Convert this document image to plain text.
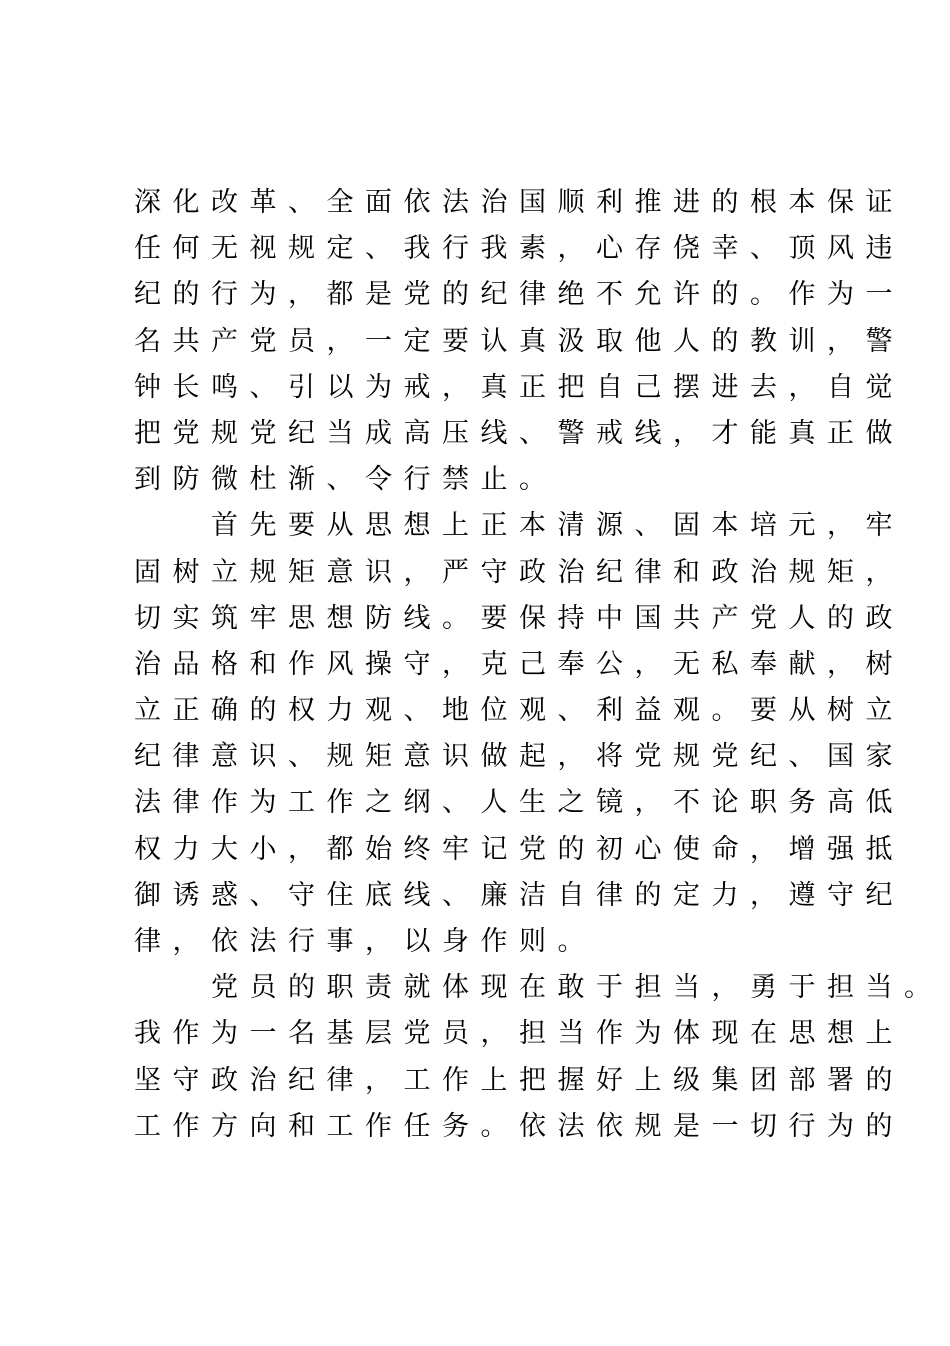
深化改革、全面依法治国顺利推进的根本保证
任何无视规定、我行我素，心存侥幸、顶风违
纪的行为，都是党的纪律绝不允许的。作为一
名共产党员，一定要认真汲取他人的教训，警
钟长鸣、引以为戒，真正把自己摆进去，自觉
把党规党纪当成高压线、警戒线，才能真正做
到防微杜渐、令行禁止。
首先要从思想上正本清源、固本培元，牢
固树立规矩意识，严守政治纪律和政治规矩，
切实筑牢思想防线。要保持中国共产党人的政
治品格和作风操守，克己奉公，无私奉献，树
立正确的权力观、地位观、利益观。要从树立
纪律意识、规矩意识做起，将党规党纪、国家
法律作为工作之纲、人生之镜，不论职务高低
权力大小，都始终牢记党的初心使命，增强抵
御诱惑、守住底线、廉洁自律的定力，遵守纪
律，依法行事，以身作则。
党员的职责就体现在敢于担当，勇于担当。
我作为一名基层党员，担当作为体现在思想上
坚守政治纪律，工作上把握好上级集团部署的
工作方向和工作任务。依法依规是一切行为的
